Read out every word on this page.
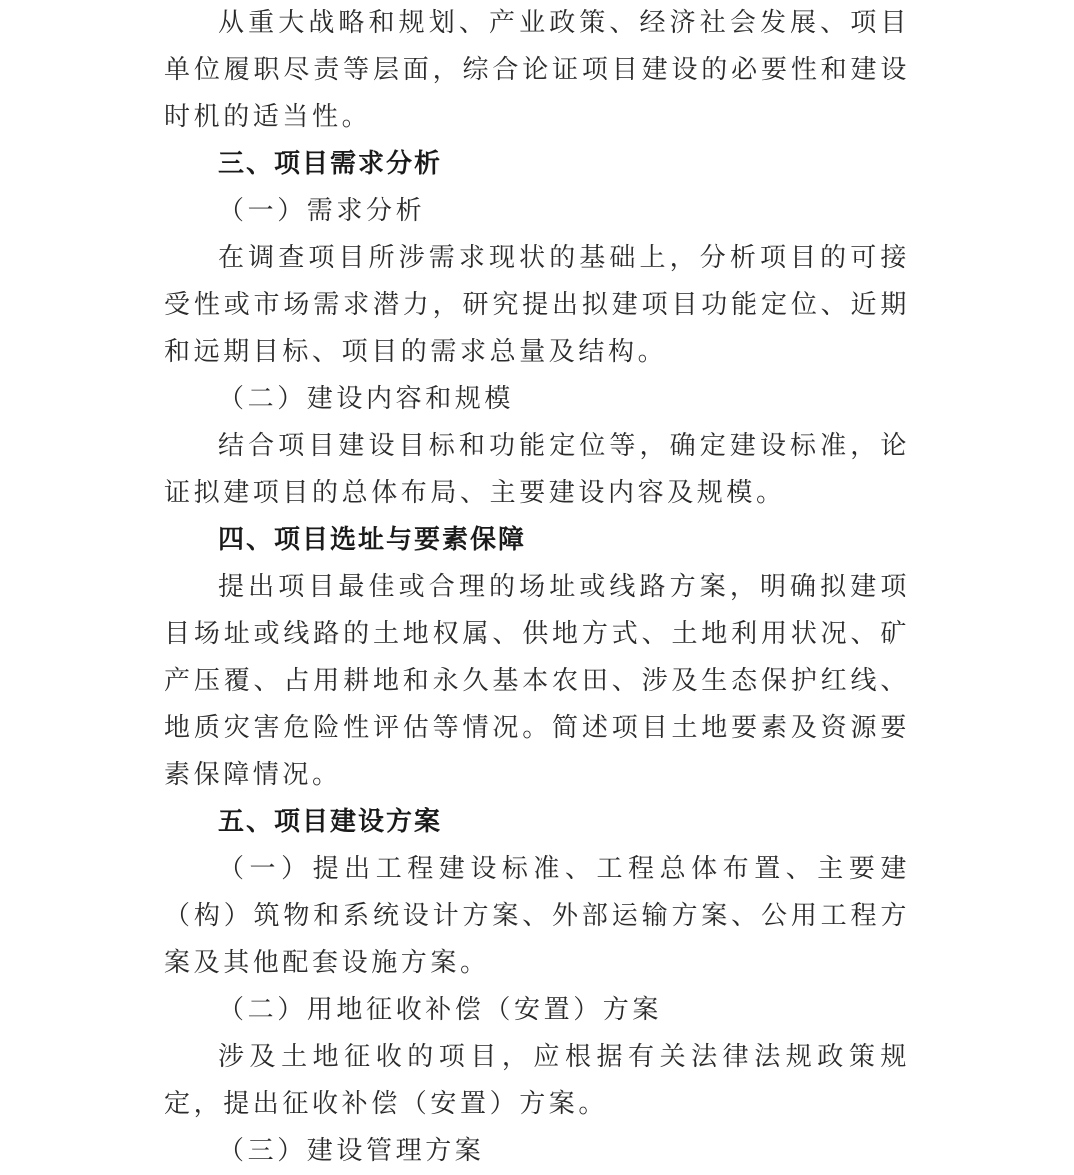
从重大战略和规划、产业政策、经济社会发展、项目单位履职尽责等层面，综合论证项目建设的必要性和建设时机的适当性。

三、项目需求分析

（一）需求分析

在调查项目所涉需求现状的基础上，分析项目的可接受性或市场需求潜力，研究提出拟建项目功能定位、近期和远期目标、项目的需求总量及结构。

（二）建设内容和规模

结合项目建设目标和功能定位等，确定建设标准，论证拟建项目的总体布局、主要建设内容及规模。

四、项目选址与要素保障

提出项目最佳或合理的场址或线路方案，明确拟建项目场址或线路的土地权属、供地方式、土地利用状况、矿产压覆、占用耕地和永久基本农田、涉及生态保护红线、地质灾害危险性评估等情况。简述项目土地要素及资源要素保障情况。

五、项目建设方案

（一）提出工程建设标准、工程总体布置、主要建（构）筑物和系统设计方案、外部运输方案、公用工程方案及其他配套设施方案。

（二）用地征收补偿（安置）方案

涉及土地征收的项目，应根据有关法律法规政策规定，提出征收补偿（安置）方案。

（三）建设管理方案
